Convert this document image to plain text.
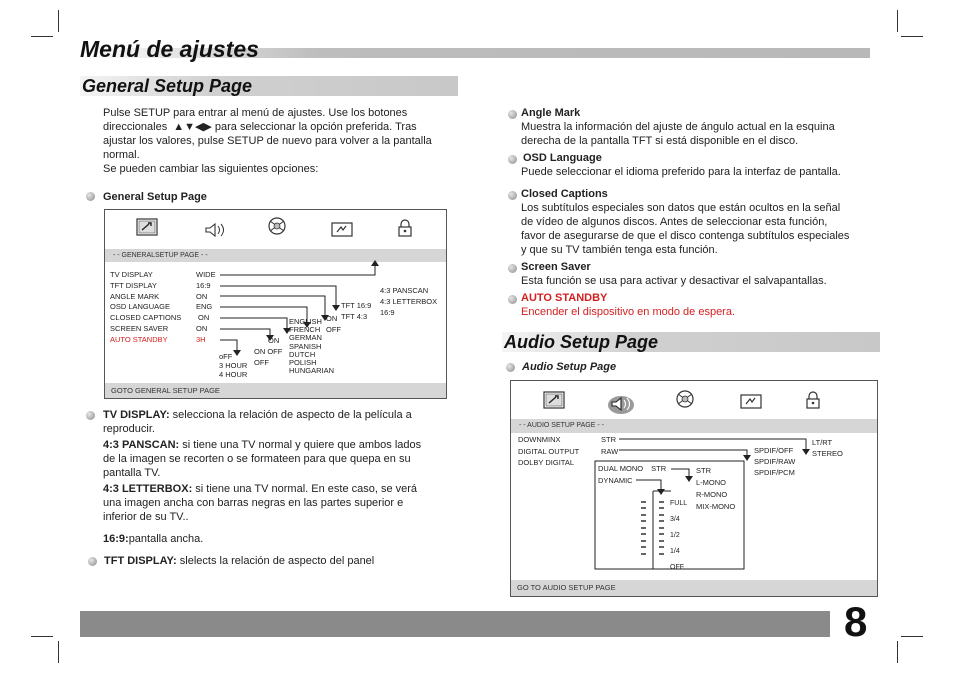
Menú de ajustes
General Setup Page
Pulse SETUP para entrar al menú de ajustes. Use los botones
direccionales ▲▼◀▶ para seleccionar la opción preferida. Tras
ajustar los valores, pulse SETUP de nuevo para volver a la pantalla
normal.
Se pueden cambiar las siguientes opciones:
General Setup Page
- - GENERALSETUP PAGE - -
TV DISPLAY
TFT DISPLAY
ANGLE MARK
OSD LANGUAGE
CLOSED CAPTIONS
SCREEN SAVER
AUTO STANDBY
WIDE
16:9
ON
ENG
ON
ON
3H
4:3 PANSCAN
4:3 LETTERBOX
16:9
TFT 16:9
TFT 4:3
ON
OFF
ENGLISH
FRENCH
GERMAN
SPANISH
DUTCH
POLISH
HUNGARIAN
ON
ON OFF
OFF
oFF
3 HOUR
4 HOUR
GOTO GENERAL SETUP PAGE
TV DISPLAY: selecciona la relación de aspecto de la película a
reproducir.
4:3 PANSCAN: si tiene una TV normal y quiere que ambos lados
de la imagen se recorten o se formateen para que quepa en su
pantalla TV.
4:3 LETTERBOX: si tiene una TV normal. En este caso, se verá
una imagen ancha con barras negras en las partes superior e
inferior de su TV..
16:9:pantalla ancha.
TFT DISPLAY: slelects la relación de aspecto del panel
Angle Mark
Muestra la información del ajuste de ángulo actual en la esquina
derecha de la pantalla TFT si está disponible en el disco.
OSD Language
Puede seleccionar el idioma preferido para la interfaz de pantalla.
Closed Captions
Los subtítulos especiales son datos que están ocultos en la señal
de vídeo de algunos discos. Antes de seleccionar esta función,
favor de asegurarse de que el disco contenga subtítulos especiales
y que su TV también tenga esta función.
Screen Saver
Esta función se usa para activar y desactivar el salvapantallas.
AUTO STANDBY
Encender el dispositivo en modo de espera.
Audio Setup Page
Audio Setup Page
- - AUDIO SETUP PAGE - -
DOWNMINX
DIGITAL OUTPUT
DOLBY DIGITAL
STR
RAW
LT/RT
STEREO
SPDIF/OFF
SPDIF/RAW
SPDIF/PCM
DUAL MONO STR
DYNAMIC
STR
L-MONO
R-MONO
MIX-MONO
FULL
3/4
1/2
1/4
OFF
GO TO AUDIO SETUP PAGE
8
